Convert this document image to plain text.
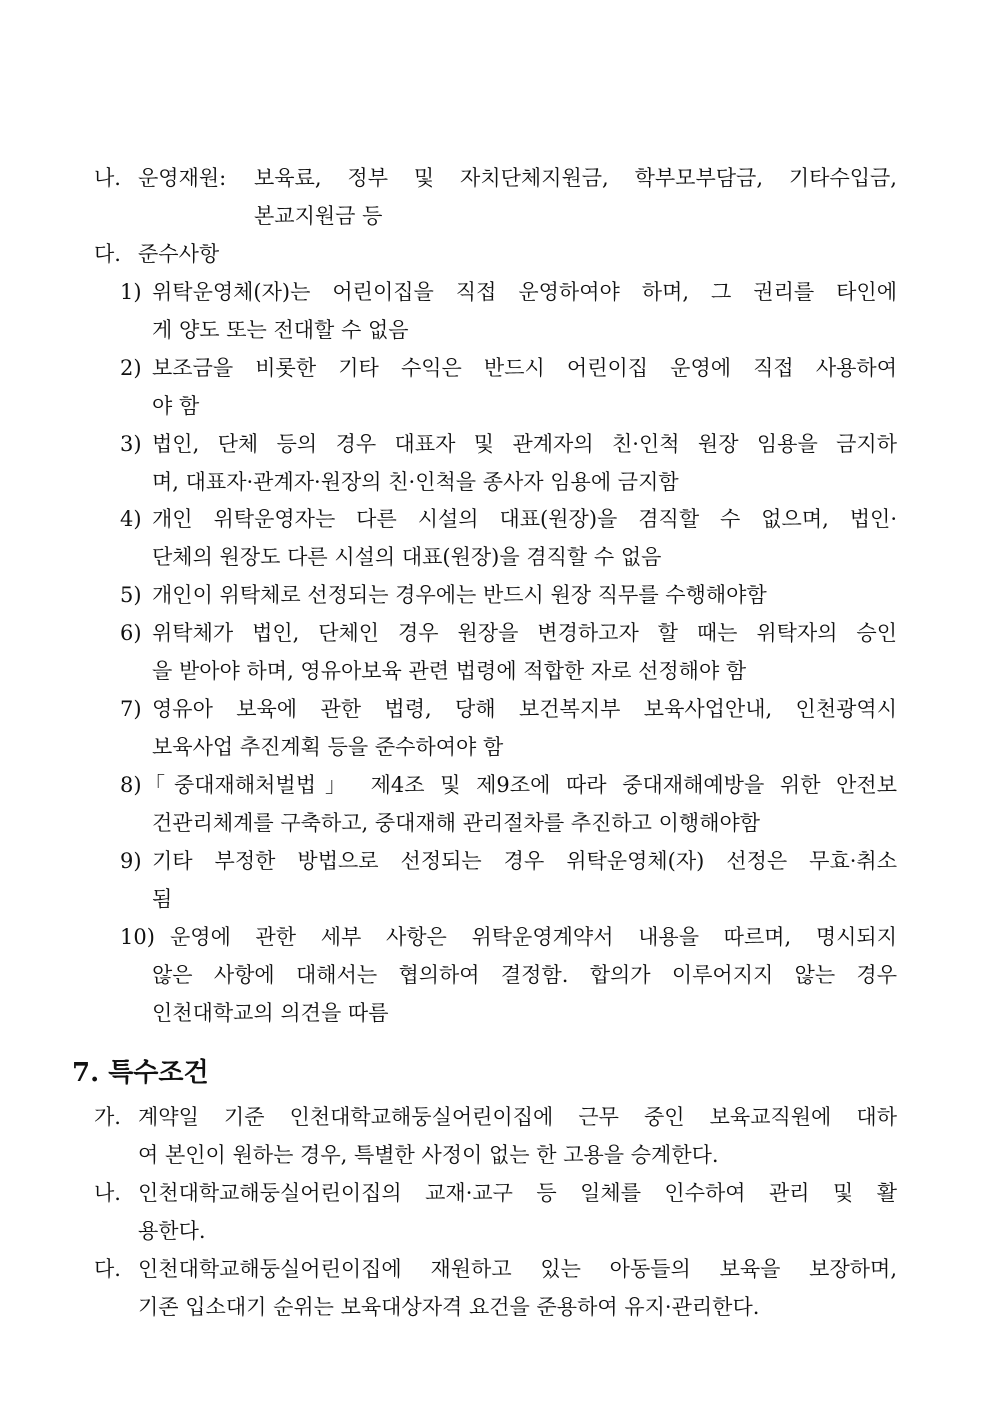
나. 운영재원: 보육료, 정부 및 자치단체지원금, 학부모부담금, 기타수입금,
본교지원금 등
다. 준수사항
1) 위탁운영체(자)는 어린이집을 직접 운영하여야 하며, 그 권리를 타인에
게 양도 또는 전대할 수 없음
2) 보조금을 비롯한 기타 수익은 반드시 어린이집 운영에 직접 사용하여
야 함
3) 법인, 단체 등의 경우 대표자 및 관계자의 친·인척 원장 임용을 금지하
며, 대표자·관계자·원장의 친·인척을 종사자 임용에 금지함
4) 개인 위탁운영자는 다른 시설의 대표(원장)을 겸직할 수 없으며, 법인·
단체의 원장도 다른 시설의 대표(원장)을 겸직할 수 없음
5) 개인이 위탁체로 선정되는 경우에는 반드시 원장 직무를 수행해야함
6) 위탁체가 법인, 단체인 경우 원장을 변경하고자 할 때는 위탁자의 승인
을 받아야 하며, 영유아보육 관련 법령에 적합한 자로 선정해야 함
7) 영유아 보육에 관한 법령, 당해 보건복지부 보육사업안내, 인천광역시
보육사업 추진계획 등을 준수하여야 함
8) 「중대재해처벌법」 제4조 및 제9조에 따라 중대재해예방을 위한 안전보
건관리체계를 구축하고, 중대재해 관리절차를 추진하고 이행해야함
9) 기타 부정한 방법으로 선정되는 경우 위탁운영체(자) 선정은 무효·취소
됨
10) 운영에 관한 세부 사항은 위탁운영계약서 내용을 따르며, 명시되지
않은 사항에 대해서는 협의하여 결정함. 합의가 이루어지지 않는 경우
인천대학교의 의견을 따름
7. 특수조건
가. 계약일 기준 인천대학교해둥실어린이집에 근무 중인 보육교직원에 대하
여 본인이 원하는 경우, 특별한 사정이 없는 한 고용을 승계한다.
나. 인천대학교해둥실어린이집의 교재·교구 등 일체를 인수하여 관리 및 활
용한다.
다. 인천대학교해둥실어린이집에 재원하고 있는 아동들의 보육을 보장하며,
기존 입소대기 순위는 보육대상자격 요건을 준용하여 유지·관리한다.
